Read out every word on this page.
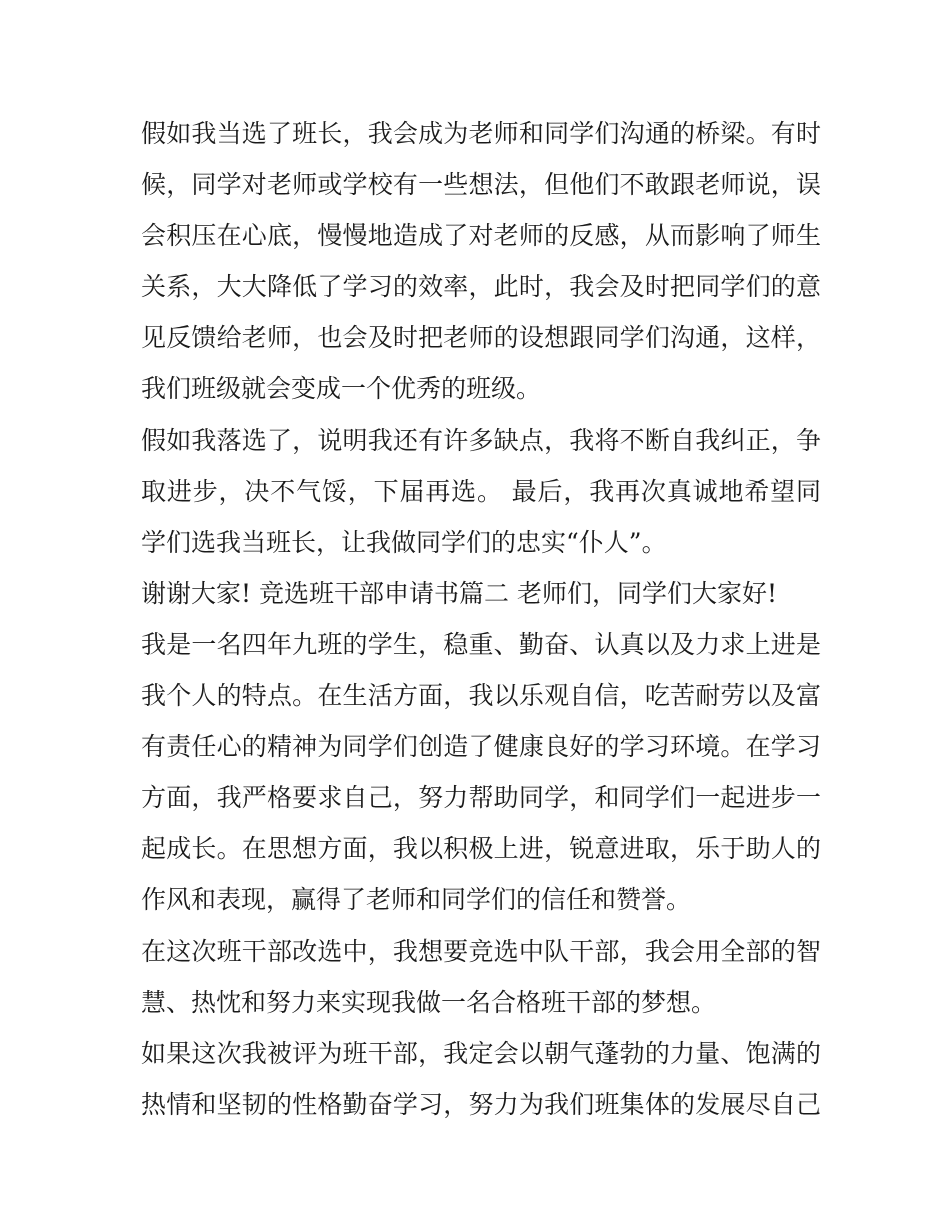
假如我当选了班长，我会成为老师和同学们沟通的桥梁。有时
候，同学对老师或学校有一些想法，但他们不敢跟老师说，误
会积压在心底，慢慢地造成了对老师的反感，从而影响了师生
关系，大大降低了学习的效率，此时，我会及时把同学们的意
见反馈给老师，也会及时把老师的设想跟同学们沟通，这样，
我们班级就会变成一个优秀的班级。
假如我落选了，说明我还有许多缺点，我将不断自我纠正，争
取进步，决不气馁，下届再选。 最后，我再次真诚地希望同
学们选我当班长，让我做同学们的忠实“仆人”。
谢谢大家! 竞选班干部申请书篇二 老师们，同学们大家好!
我是一名四年九班的学生，稳重、勤奋、认真以及力求上进是
我个人的特点。在生活方面，我以乐观自信，吃苦耐劳以及富
有责任心的精神为同学们创造了健康良好的学习环境。在学习
方面，我严格要求自己，努力帮助同学，和同学们一起进步一
起成长。在思想方面，我以积极上进，锐意进取，乐于助人的
作风和表现，赢得了老师和同学们的信任和赞誉。
在这次班干部改选中，我想要竞选中队干部，我会用全部的智
慧、热忱和努力来实现我做一名合格班干部的梦想。
如果这次我被评为班干部，我定会以朝气蓬勃的力量、饱满的
热情和坚韧的性格勤奋学习，努力为我们班集体的发展尽自己
